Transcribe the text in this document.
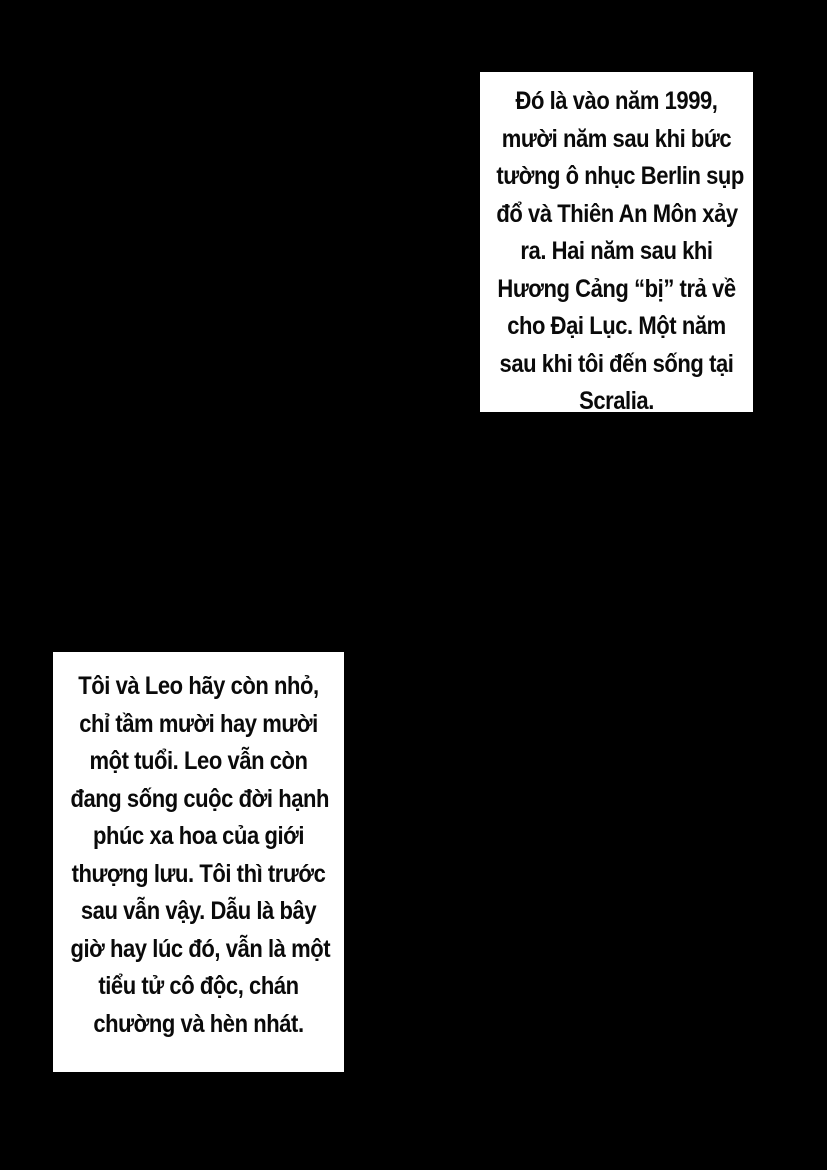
Đó là vào năm 1999,
mười năm sau khi bức
tường ô nhục Berlin sụp
đổ và Thiên An Môn xảy
ra. Hai năm sau khi
Hương Cảng “bị” trả về
cho Đại Lục. Một năm
sau khi tôi đến sống tại
Scralia.
Tôi và Leo hãy còn nhỏ,
chỉ tầm mười hay mười
một tuổi. Leo vẫn còn
đang sống cuộc đời hạnh
phúc xa hoa của giới
thượng lưu. Tôi thì trước
sau vẫn vậy. Dẫu là bây
giờ hay lúc đó, vẫn là một
tiểu tử cô độc, chán
chường và hèn nhát.
